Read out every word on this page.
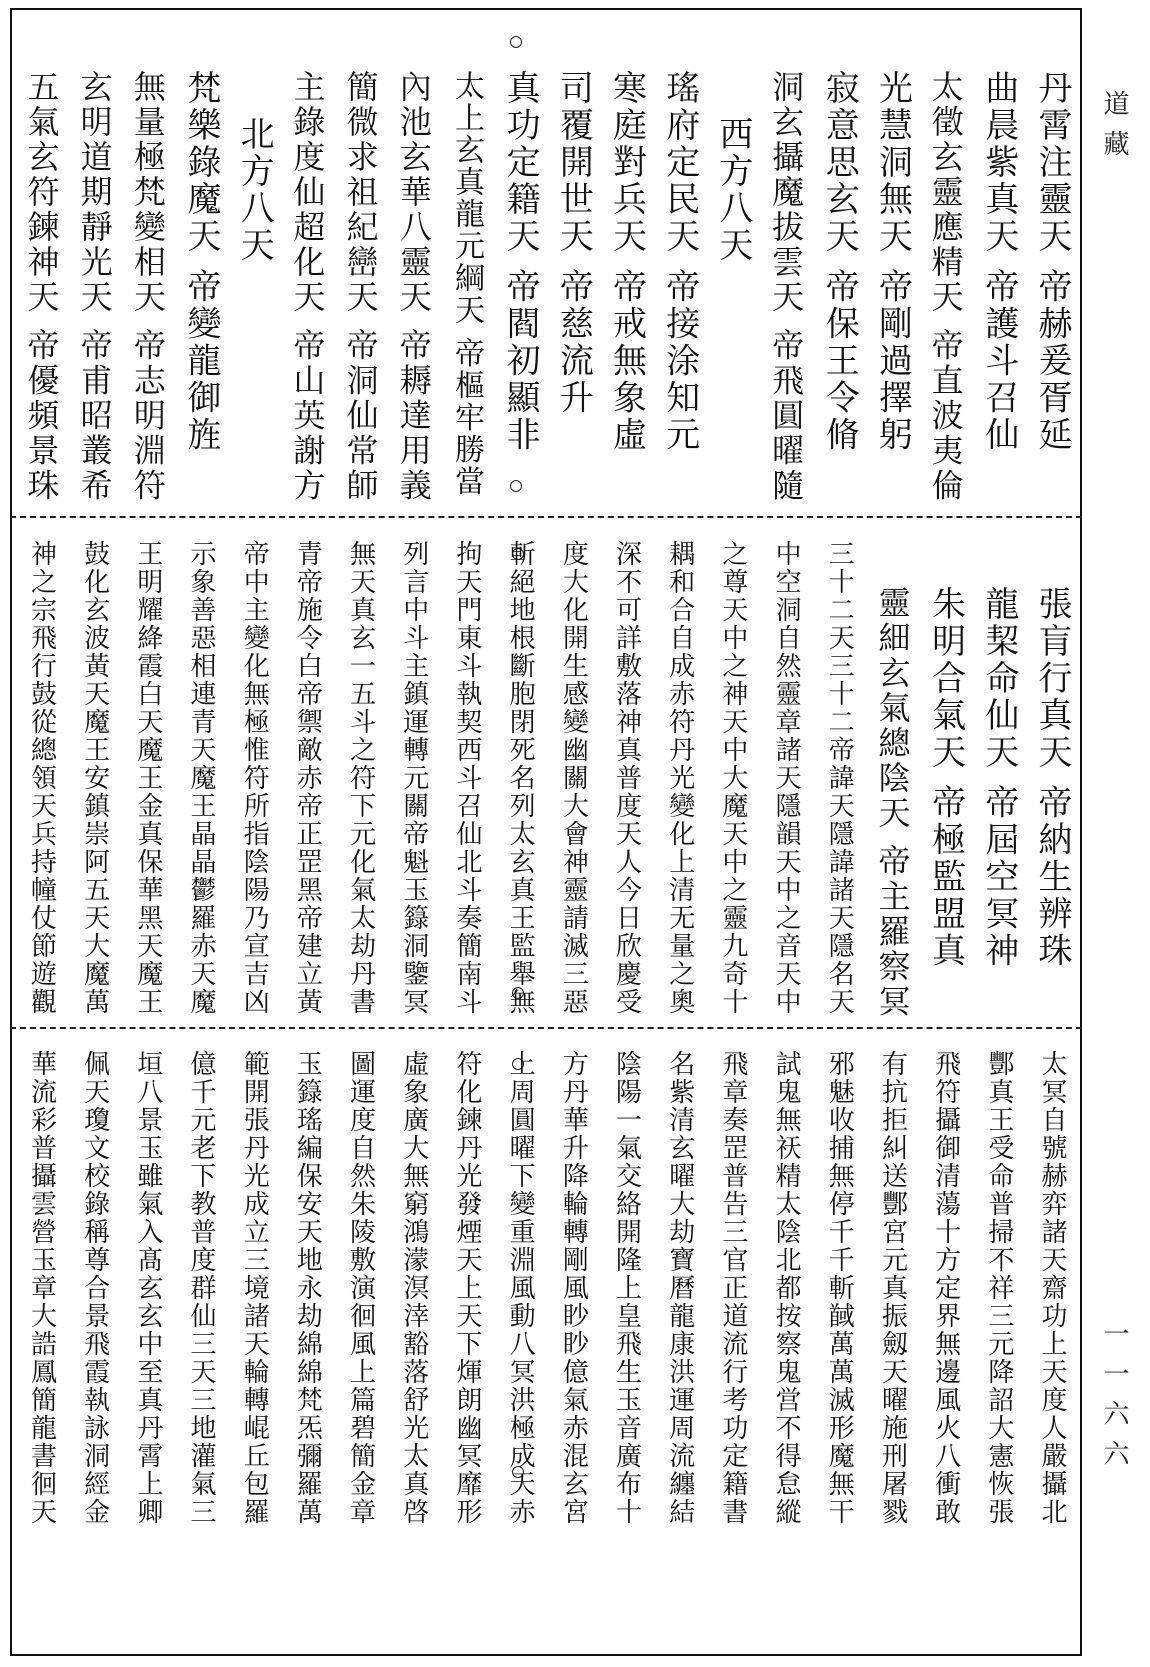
道藏
一一六六
丹霄注靈天 帝赫爰胥延
曲晨紫真天 帝護斗召仙
太徵玄靈應精天 帝直波夷倫
光慧洞無天 帝剛過擇躬
寂意思玄天 帝保王令脩
洞玄攝魔拔雲天 帝飛圓曜隨
西方八天
瑤府定民天 帝接涂知元
寒庭對兵天 帝戒無象虛
司覆開世天 帝慈流升
真功定籍天 帝閻初顯非
太上玄真龍元綱天 帝樞牢勝當
內池玄華八靈天 帝耨達用義
簡微求祖紀巒天 帝洞仙常師
主錄度仙超化天 帝山英謝方
北方八天
梵樂錄魔天 帝變龍御旌
無量極梵變相天 帝志明淵符
玄明道期靜光天 帝甫昭叢希
五氣玄符鍊神天 帝優頻景珠
張肓行真天 帝納生辨珠
龍栔命仙天 帝屆空冥神
朱明合氣天 帝極監盟真
靈細玄氣總陰天 帝主羅察冥
三十二天三十二帝諱天隱諱諸天隱名天
中空洞自然靈章諸天隱韻天中之音天中
之尊天中之神天中大魔天中之靈九奇十
耦和合自成赤符丹光變化上清无量之奧
深不可詳敷落神真普度天人今日欣慶受
度大化開生感變幽關大會神靈請滅三惡
斬絕地根斷胞閉死名列太玄真王監舉無
拘天門東斗執契西斗召仙北斗奏簡南斗
列言中斗主鎮運轉元關帝魁玉籙洞鑒冥
無天真玄一五斗之符下元化氣太劫丹書
青帝施令白帝禦敵赤帝正罡黑帝建立黃
帝中主變化無極惟符所指陰陽乃宣吉凶
示象善惡相連青天魔王晶晶鬱羅赤天魔
王明耀絳霞白天魔王金真保華黑天魔王
鼓化玄波黃天魔王安鎮崇阿五天大魔萬
神之宗飛行鼓從總領天兵持幢仗節遊觀
太冥自號赫弈諸天齋功上天度人嚴攝北
酆真王受命普掃不祥三元降詔大憲恢張
飛符攝御清蕩十方定界無邊風火八衝敢
有抗拒糾送酆宮元真振劔天曜施刑屠戮
邪魅收捕無停千千斬馘萬萬滅形魔無干
試鬼無祆精太陰北都按察鬼営不得怠縱
飛章奏罡普告三官正道流行考功定籍書
名紫清玄曜大劫寶曆龍康洪運周流纏結
陰陽一氣交絡開隆上皇飛生玉音廣布十
方丹華升降輪轉剛風眇眇億氣赤混玄宮
上周圓曜下變重淵風動八冥洪極成天赤
符化鍊丹光發煙天上天下煇朗幽冥靡形
虛象廣大無窮鴻濛溟涬豁落舒光太真啓
圖運度自然朱陵敷演徊風上篇碧簡金章
玉籙瑤編保安天地永劫綿綿梵炁彌羅萬
範開張丹光成立三境諸天輪轉崐丘包羅
億千元老下教普度群仙三天三地灌氣三
垣八景玉雖氣入髙玄玄中至真丹霄上卿
佩天瓊文校錄稱尊合景飛霞執詠洞經金
華流彩普攝雲營玉章大誥鳳簡龍書徊天
